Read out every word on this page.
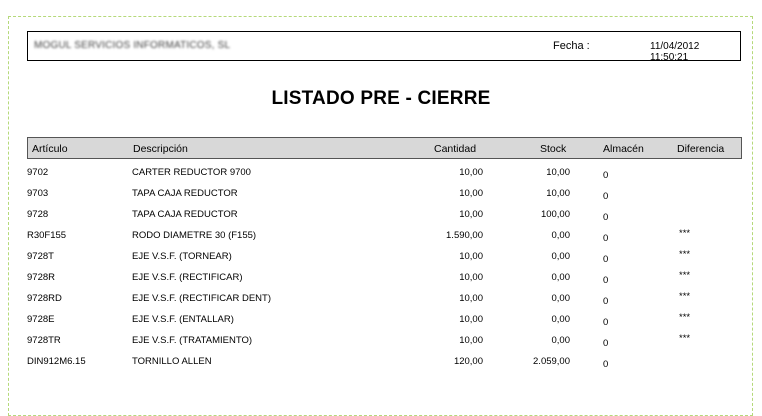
MOGUL SERVICIOS INFORMATICOS, SL	Fecha :	11/04/2012 11:50:21
LISTADO PRE - CIERRE
Artículo	Descripción	Cantidad	Stock	Almacén	Diferencia
9702	CARTER REDUCTOR 9700	10,00	10,00	0
9703	TAPA CAJA REDUCTOR	10,00	10,00	0
9728	TAPA CAJA REDUCTOR	10,00	100,00	0
R30F155	RODO DIAMETRE 30 (F155)	1.590,00	0,00	0	***
9728T	EJE V.S.F. (TORNEAR)	10,00	0,00	0	***
9728R	EJE V.S.F. (RECTIFICAR)	10,00	0,00	0	***
9728RD	EJE V.S.F. (RECTIFICAR DENT)	10,00	0,00	0	***
9728E	EJE V.S.F. (ENTALLAR)	10,00	0,00	0	***
9728TR	EJE V.S.F. (TRATAMIENTO)	10,00	0,00	0	***
DIN912M6.15	TORNILLO ALLEN	120,00	2.059,00	0
